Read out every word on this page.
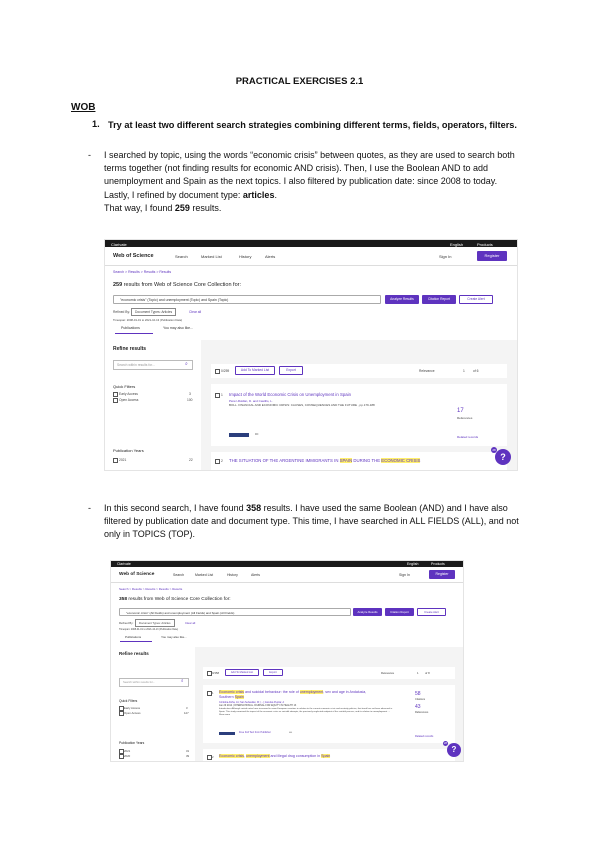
PRACTICAL EXERCISES 2.1
WOB
1. Try at least two different search strategies combining different terms, fields, operators, filters.
- I searched by topic, using the words “economic crisis” between quotes, as they are used to search both terms together (not finding results for economic AND crisis). Then, I use the Boolean AND to add unemployment and Spain as the next topics. I also filtered by publication date: since 2008 to today. Lastly, I refined by document type: articles.
That way, I found 259 results.
Clarivate	English	Products
Web of Science	Search	Marked List	History	Alerts	Sign In	Register
Search > Results > Results > Results
259 results from Web of Science Core Collection for:
"economic crisis" (Topic) and unemployment (Topic) and Spain (Topic)	Analyze Results	Citation Report	Create Alert
Refined By:	Document Types: Articles	Clear all
Timespan: 2008-01-01 to 2021-10-13 (Publication Date)
Publications	You may also like...
Refine results
Search within results for...	⌕
Quick Filters
Early Access	3
Open Access	100
Publication Years
2021	22
0/259	Add To Marked List	Export	Relevance	1 of 6
1 Impact of the World Economic Crisis on Unemployment in Spain
Pérez-Roldán, D. and Castillo, L.
BOLL. FINANCIAL AND ECONOMIC CRISIS: CAUSES, CONSEQUENCES AND THE FUTURE , pp.179-188
17
References
•••
Related records
2 THE SITUATION OF THE ARGENTINE IMMIGRANTS IN SPAIN DURING THE ECONOMIC CRISIS	?
28
- In this second search, I have found 358 results. I have used the same Boolean (AND) and I have also filtered by publication date and document type. This time, I have searched in ALL FIELDS (ALL), and not only in TOPICS (TOP).
Clarivate	English	Products
Web of Science	Search	Marked List	History	Alerts	Sign In	Register
Search > Results > Results > Results > Results
358 results from Web of Science Core Collection for:
"economic crisis" (All Fields) and unemployment (All Fields) and Spain (All Fields)	Analyze Results	Citation Report	Create Alert
Refined By:	Document Types: Articles	Clear all
Timespan: 2008-01-01 to 2021-10-13 (Publication Date)
Publications	You may also like...
Refine results
Search within results for...	⌕
Quick Filters
Early Access	3
Open Access	127
Publication Years
2021	31
2020	39
0/358	Add To Marked List	Export	Relevance	1 of 8
1 Economic crisis and suicidal behaviour: the role of unemployment, sex and age in Andalusia, Southern Spain
Córdoba-Doña, JA; San Sebastián, M; (...); Escolar-Pujolar, A
Jan 29 2014 | INTERNATIONAL JOURNAL FOR EQUITY IN HEALTH 13
Introduction: Although suicide rates have increased in some European countries in relation to the current economic crisis and austerity policies, that trend has not been observed in Spain. This study examined the impact of the economic crisis on suicidal attempts, the previously neglected endpoint of the suicidal process, and its relation to unemployment. ... Show more
58
Citations
43
References
Free Full Text from Publisher	•••
Related records
2 Economic crisis, unemployment and illegal drug consumption in Spain
?
28
